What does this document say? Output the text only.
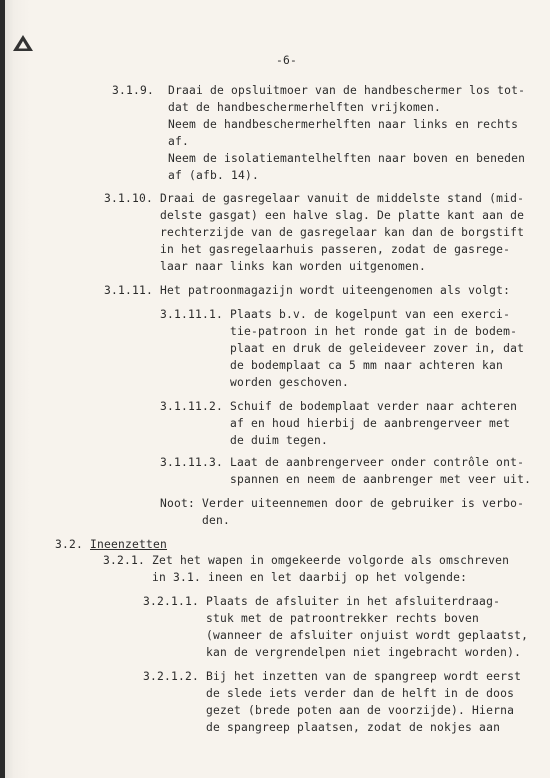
-6-
3.1.9.  Draai de opsluitmoer van de handbeschermer los tot-
dat de handbeschermerhelften vrijkomen.
Neem de handbeschermerhelften naar links en rechts
af.
Neem de isolatiemantelhelften naar boven en beneden
af (afb. 14).
3.1.10. Draai de gasregelaar vanuit de middelste stand (mid-
delste gasgat) een halve slag. De platte kant aan de
rechterzijde van de gasregelaar kan dan de borgstift
in het gasregelaarhuis passeren, zodat de gasrege-
laar naar links kan worden uitgenomen.
3.1.11. Het patroonmagazijn wordt uiteengenomen als volgt:
3.1.11.1. Plaats b.v. de kogelpunt van een exerci-
tie-patroon in het ronde gat in de bodem-
plaat en druk de geleideveer zover in, dat
de bodemplaat ca 5 mm naar achteren kan
worden geschoven.
3.1.11.2. Schuif de bodemplaat verder naar achteren
af en houd hierbij de aanbrengerveer met
de duim tegen.
3.1.11.3. Laat de aanbrengerveer onder contrôle ont-
spannen en neem de aanbrenger met veer uit.
Noot: Verder uiteennemen door de gebruiker is verbo-
den.
3.2. Ineenzetten
3.2.1. Zet het wapen in omgekeerde volgorde als omschreven
in 3.1. ineen en let daarbij op het volgende:
3.2.1.1. Plaats de afsluiter in het afsluiterdraag-
stuk met de patroontrekker rechts boven
(wanneer de afsluiter onjuist wordt geplaatst,
kan de vergrendelpen niet ingebracht worden).
3.2.1.2. Bij het inzetten van de spangreep wordt eerst
de slede iets verder dan de helft in de doos
gezet (brede poten aan de voorzijde). Hierna
de spangreep plaatsen, zodat de nokjes aan
